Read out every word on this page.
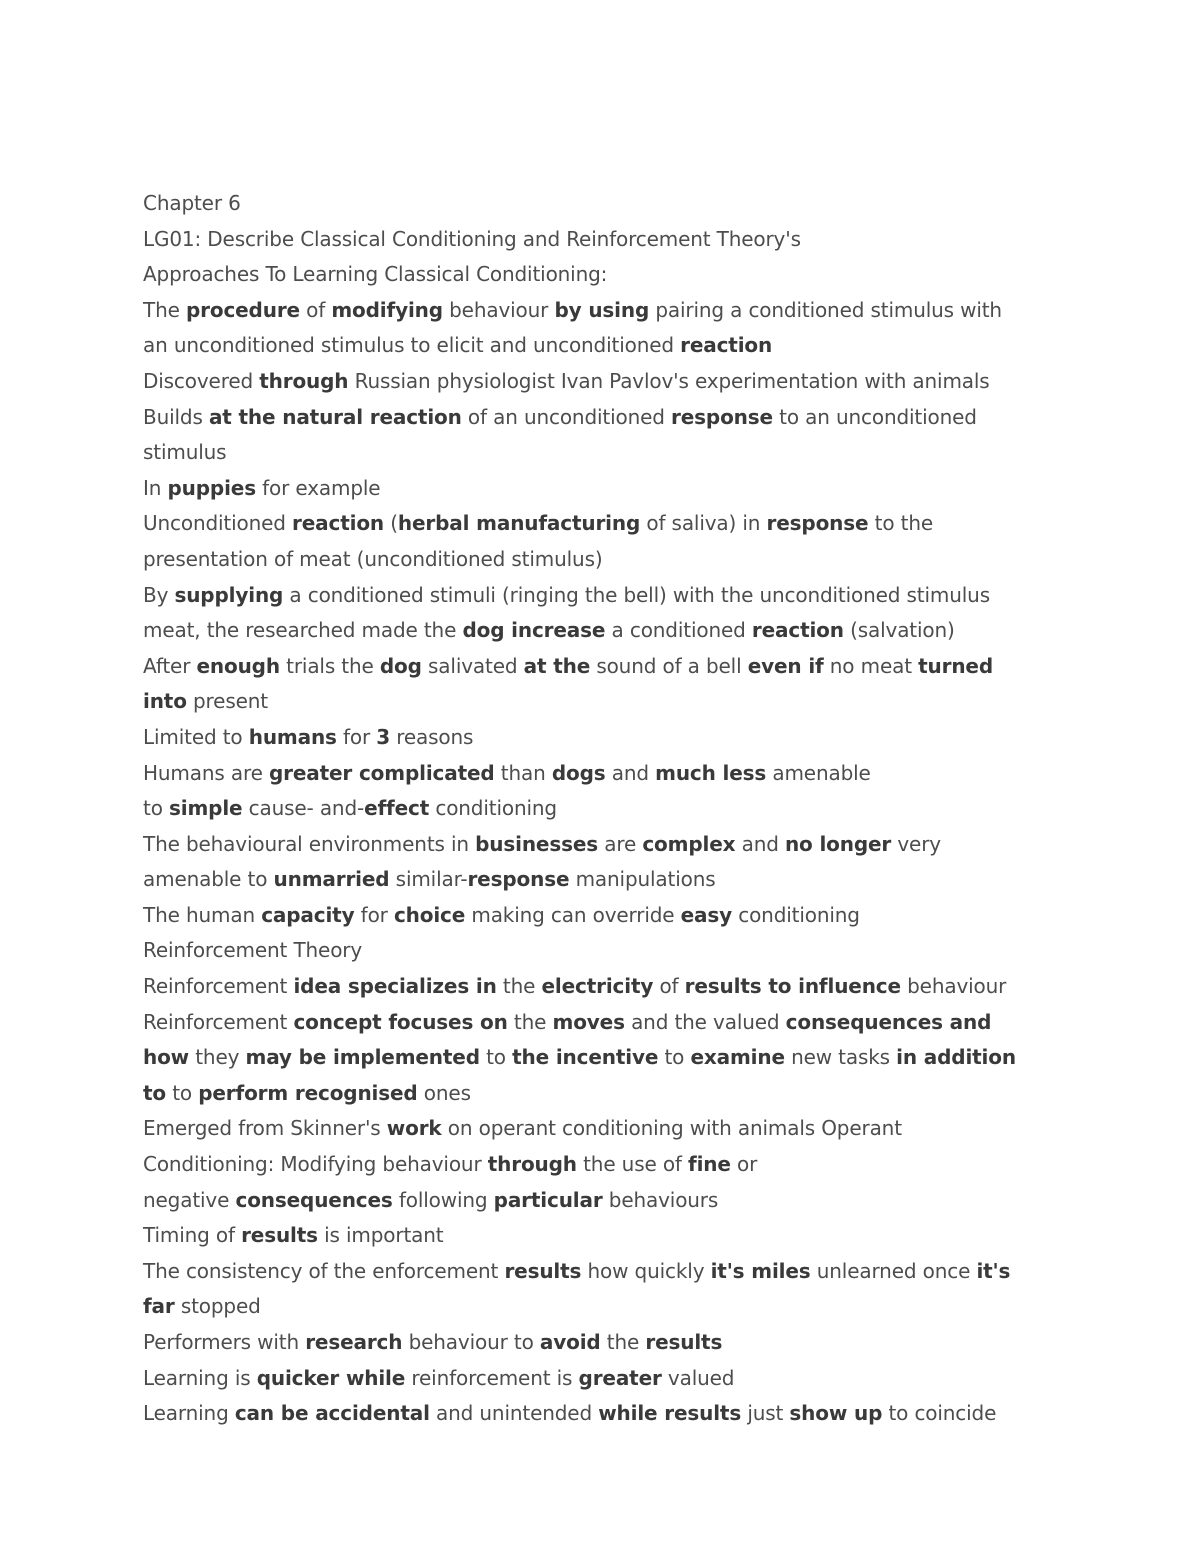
Chapter 6
LG01: Describe Classical Conditioning and Reinforcement Theory's
Approaches To Learning Classical Conditioning:
The procedure of modifying behaviour by using pairing a conditioned stimulus with
an unconditioned stimulus to elicit and unconditioned reaction
Discovered through Russian physiologist Ivan Pavlov's experimentation with animals
Builds at the natural reaction of an unconditioned response to an unconditioned
stimulus
In puppies for example
Unconditioned reaction (herbal manufacturing of saliva) in response to the
presentation of meat (unconditioned stimulus)
By supplying a conditioned stimuli (ringing the bell) with the unconditioned stimulus
meat, the researched made the dog increase a conditioned reaction (salvation)
After enough trials the dog salivated at the sound of a bell even if no meat turned
into present
Limited to humans for 3 reasons
Humans are greater complicated than dogs and much less amenable
to simple cause- and-effect conditioning
The behavioural environments in businesses are complex and no longer very
amenable to unmarried similar-response manipulations
The human capacity for choice making can override easy conditioning
Reinforcement Theory
Reinforcement idea specializes in the electricity of results to influence behaviour
Reinforcement concept focuses on the moves and the valued consequences and
how they may be implemented to the incentive to examine new tasks in addition
to to perform recognised ones
Emerged from Skinner's work on operant conditioning with animals Operant
Conditioning: Modifying behaviour through the use of fine or
negative consequences following particular behaviours
Timing of results is important
The consistency of the enforcement results how quickly it's miles unlearned once it's
far stopped
Performers with research behaviour to avoid the results
Learning is quicker while reinforcement is greater valued
Learning can be accidental and unintended while results just show up to coincide
